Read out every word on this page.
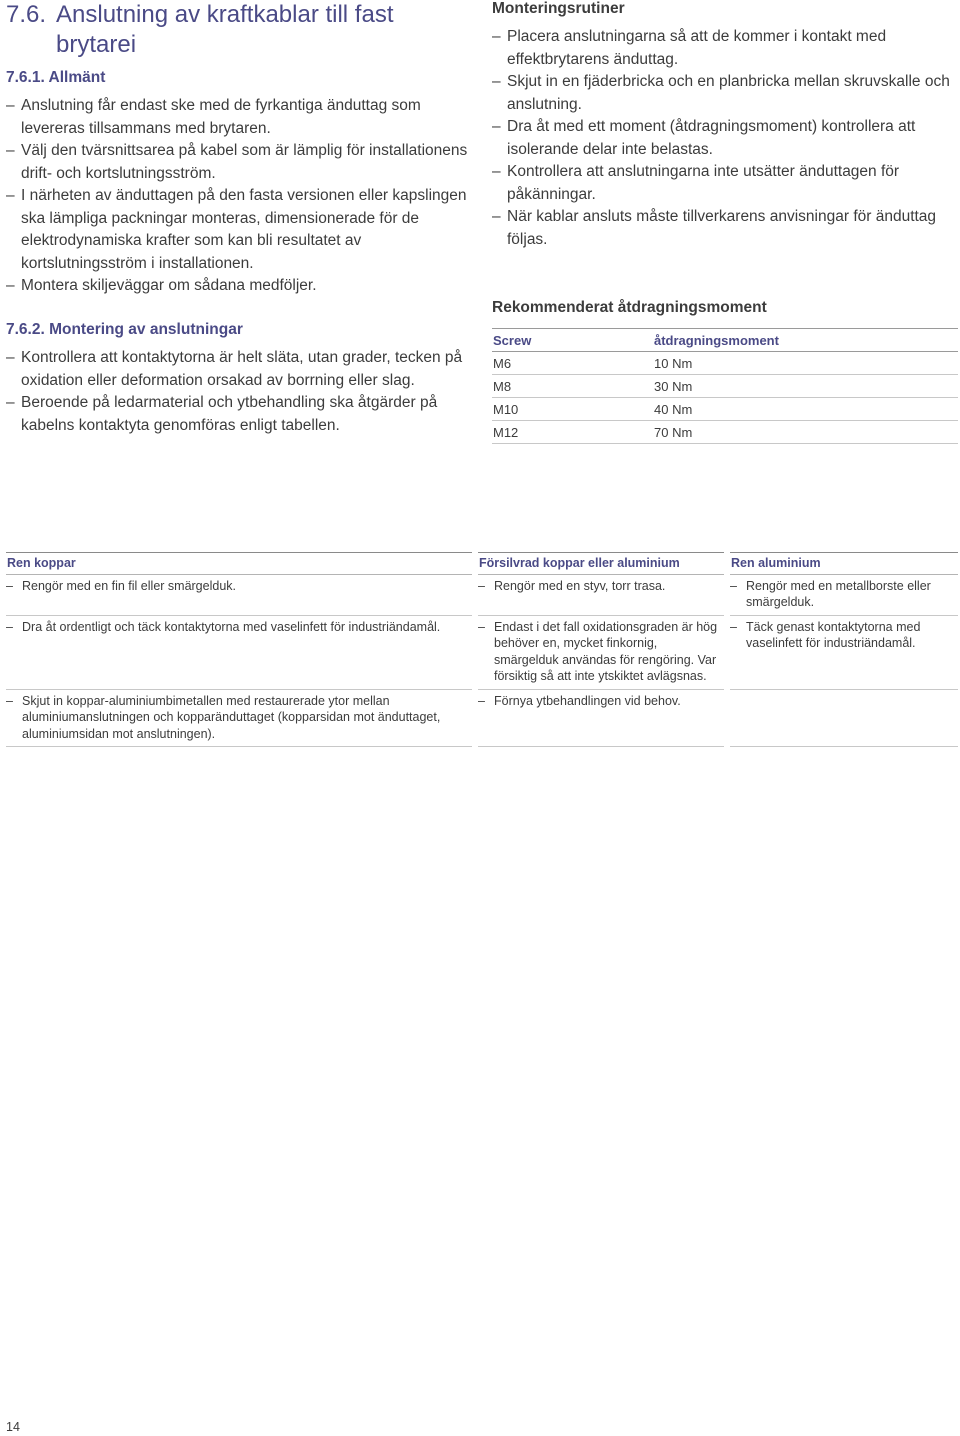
7.6. Anslutning av kraftkablar till fast
brytarei
7.6.1. Allmänt
– Anslutning får endast ske med de fyrkantiga änduttag som levereras tillsammans med brytaren.
– Välj den tvärsnittsarea på kabel som är lämplig för installationens drift- och kortslutningsström.
– I närheten av änduttagen på den fasta versionen eller kapslingen ska lämpliga packningar monteras, dimensionerade för de elektrodynamiska krafter som kan bli resultatet av kortslutningsström i installationen.
– Montera skiljeväggar om sådana medföljer.
7.6.2. Montering av anslutningar
– Kontrollera att kontaktytorna är helt släta, utan grader, tecken på oxidation eller deformation orsakad av borrning eller slag.
– Beroende på ledarmaterial och ytbehandling ska åtgärder på kabelns kontaktyta genomföras enligt tabellen.
Monteringsrutiner
– Placera anslutningarna så att de kommer i kontakt med effektbrytarens änduttag.
– Skjut in en fjäderbricka och en planbricka mellan skruvskalle och anslutning.
– Dra åt med ett moment (åtdragningsmoment) kontrollera att isolerande delar inte belastas.
– Kontrollera att anslutningarna inte utsätter änduttagen för påkänningar.
– När kablar ansluts måste tillverkarens anvisningar för änduttag följas.
Rekommenderat åtdragningsmoment
Screw	åtdragningsmoment
M6	10 Nm
M8	30 Nm
M10	40 Nm
M12	70 Nm
Ren koppar	Försilvrad koppar eller aluminium	Ren aluminium

– Rengör med en fin fil eller smärgelduk.	– Rengör med en styv, torr trasa.	– Rengör med en metallborste eller smärgelduk.

– Dra åt ordentligt och täck kontaktytorna med vaselinfett för industriändamål.	– Endast i det fall oxidationsgraden är hög behöver en, mycket finkornig, smärgelduk användas för rengöring. Var försiktig så att inte ytskiktet avlägsnas.	– Täck genast kontaktytorna med vaselinfett för industriändamål.

– Skjut in koppar-aluminiumbimetallen med restaurerade ytor mellan aluminiumanslutningen och kopparänduttaget (kopparsidan mot änduttaget, aluminiumsidan mot anslutningen).	– Förnya ytbehandlingen vid behov.

14
